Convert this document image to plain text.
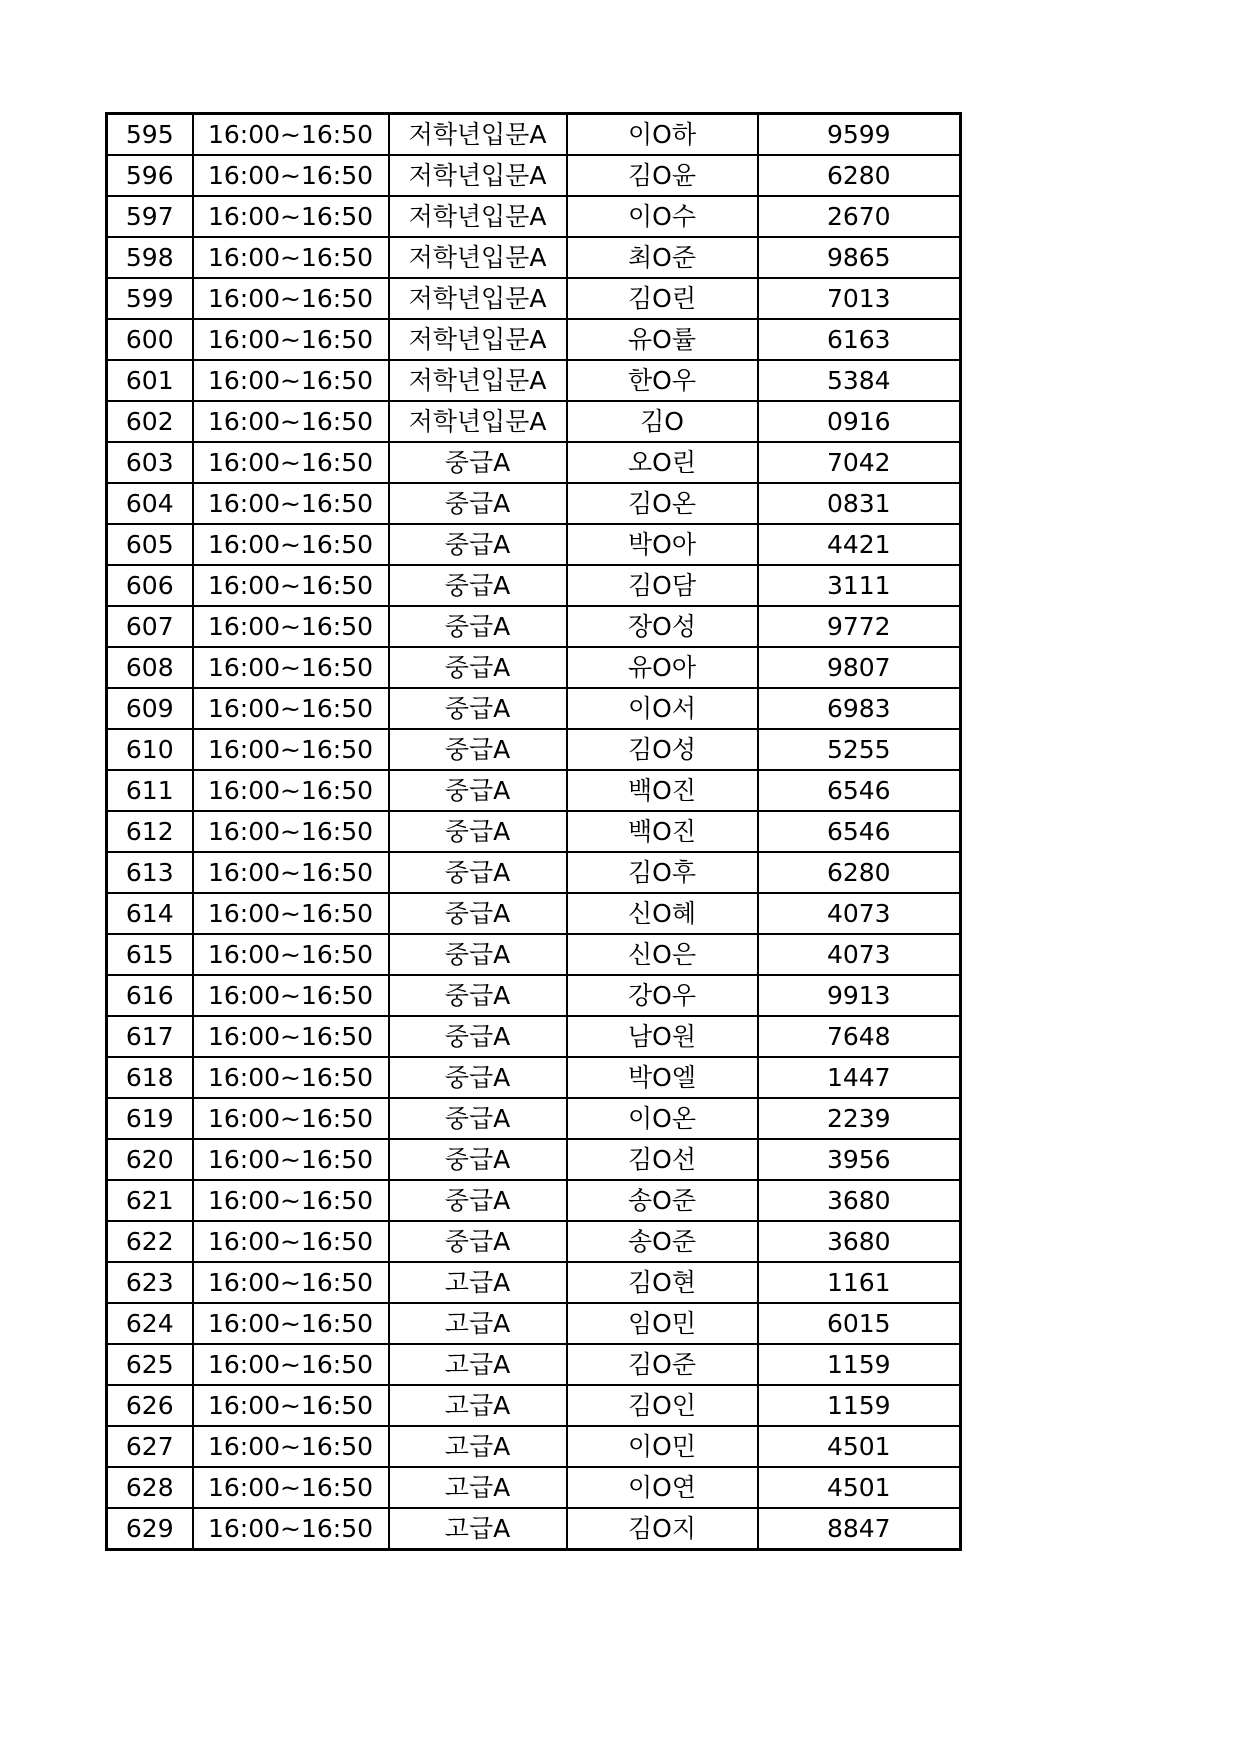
595	16:00~16:50	저학년입문A	이O하	9599
596	16:00~16:50	저학년입문A	김O윤	6280
597	16:00~16:50	저학년입문A	이O수	2670
598	16:00~16:50	저학년입문A	최O준	9865
599	16:00~16:50	저학년입문A	김O린	7013
600	16:00~16:50	저학년입문A	유O률	6163
601	16:00~16:50	저학년입문A	한O우	5384
602	16:00~16:50	저학년입문A	김O	0916
603	16:00~16:50	중급A	오O린	7042
604	16:00~16:50	중급A	김O온	0831
605	16:00~16:50	중급A	박O아	4421
606	16:00~16:50	중급A	김O담	3111
607	16:00~16:50	중급A	장O성	9772
608	16:00~16:50	중급A	유O아	9807
609	16:00~16:50	중급A	이O서	6983
610	16:00~16:50	중급A	김O성	5255
611	16:00~16:50	중급A	백O진	6546
612	16:00~16:50	중급A	백O진	6546
613	16:00~16:50	중급A	김O후	6280
614	16:00~16:50	중급A	신O혜	4073
615	16:00~16:50	중급A	신O은	4073
616	16:00~16:50	중급A	강O우	9913
617	16:00~16:50	중급A	남O원	7648
618	16:00~16:50	중급A	박O엘	1447
619	16:00~16:50	중급A	이O온	2239
620	16:00~16:50	중급A	김O선	3956
621	16:00~16:50	중급A	송O준	3680
622	16:00~16:50	중급A	송O준	3680
623	16:00~16:50	고급A	김O현	1161
624	16:00~16:50	고급A	임O민	6015
625	16:00~16:50	고급A	김O준	1159
626	16:00~16:50	고급A	김O인	1159
627	16:00~16:50	고급A	이O민	4501
628	16:00~16:50	고급A	이O연	4501
629	16:00~16:50	고급A	김O지	8847
